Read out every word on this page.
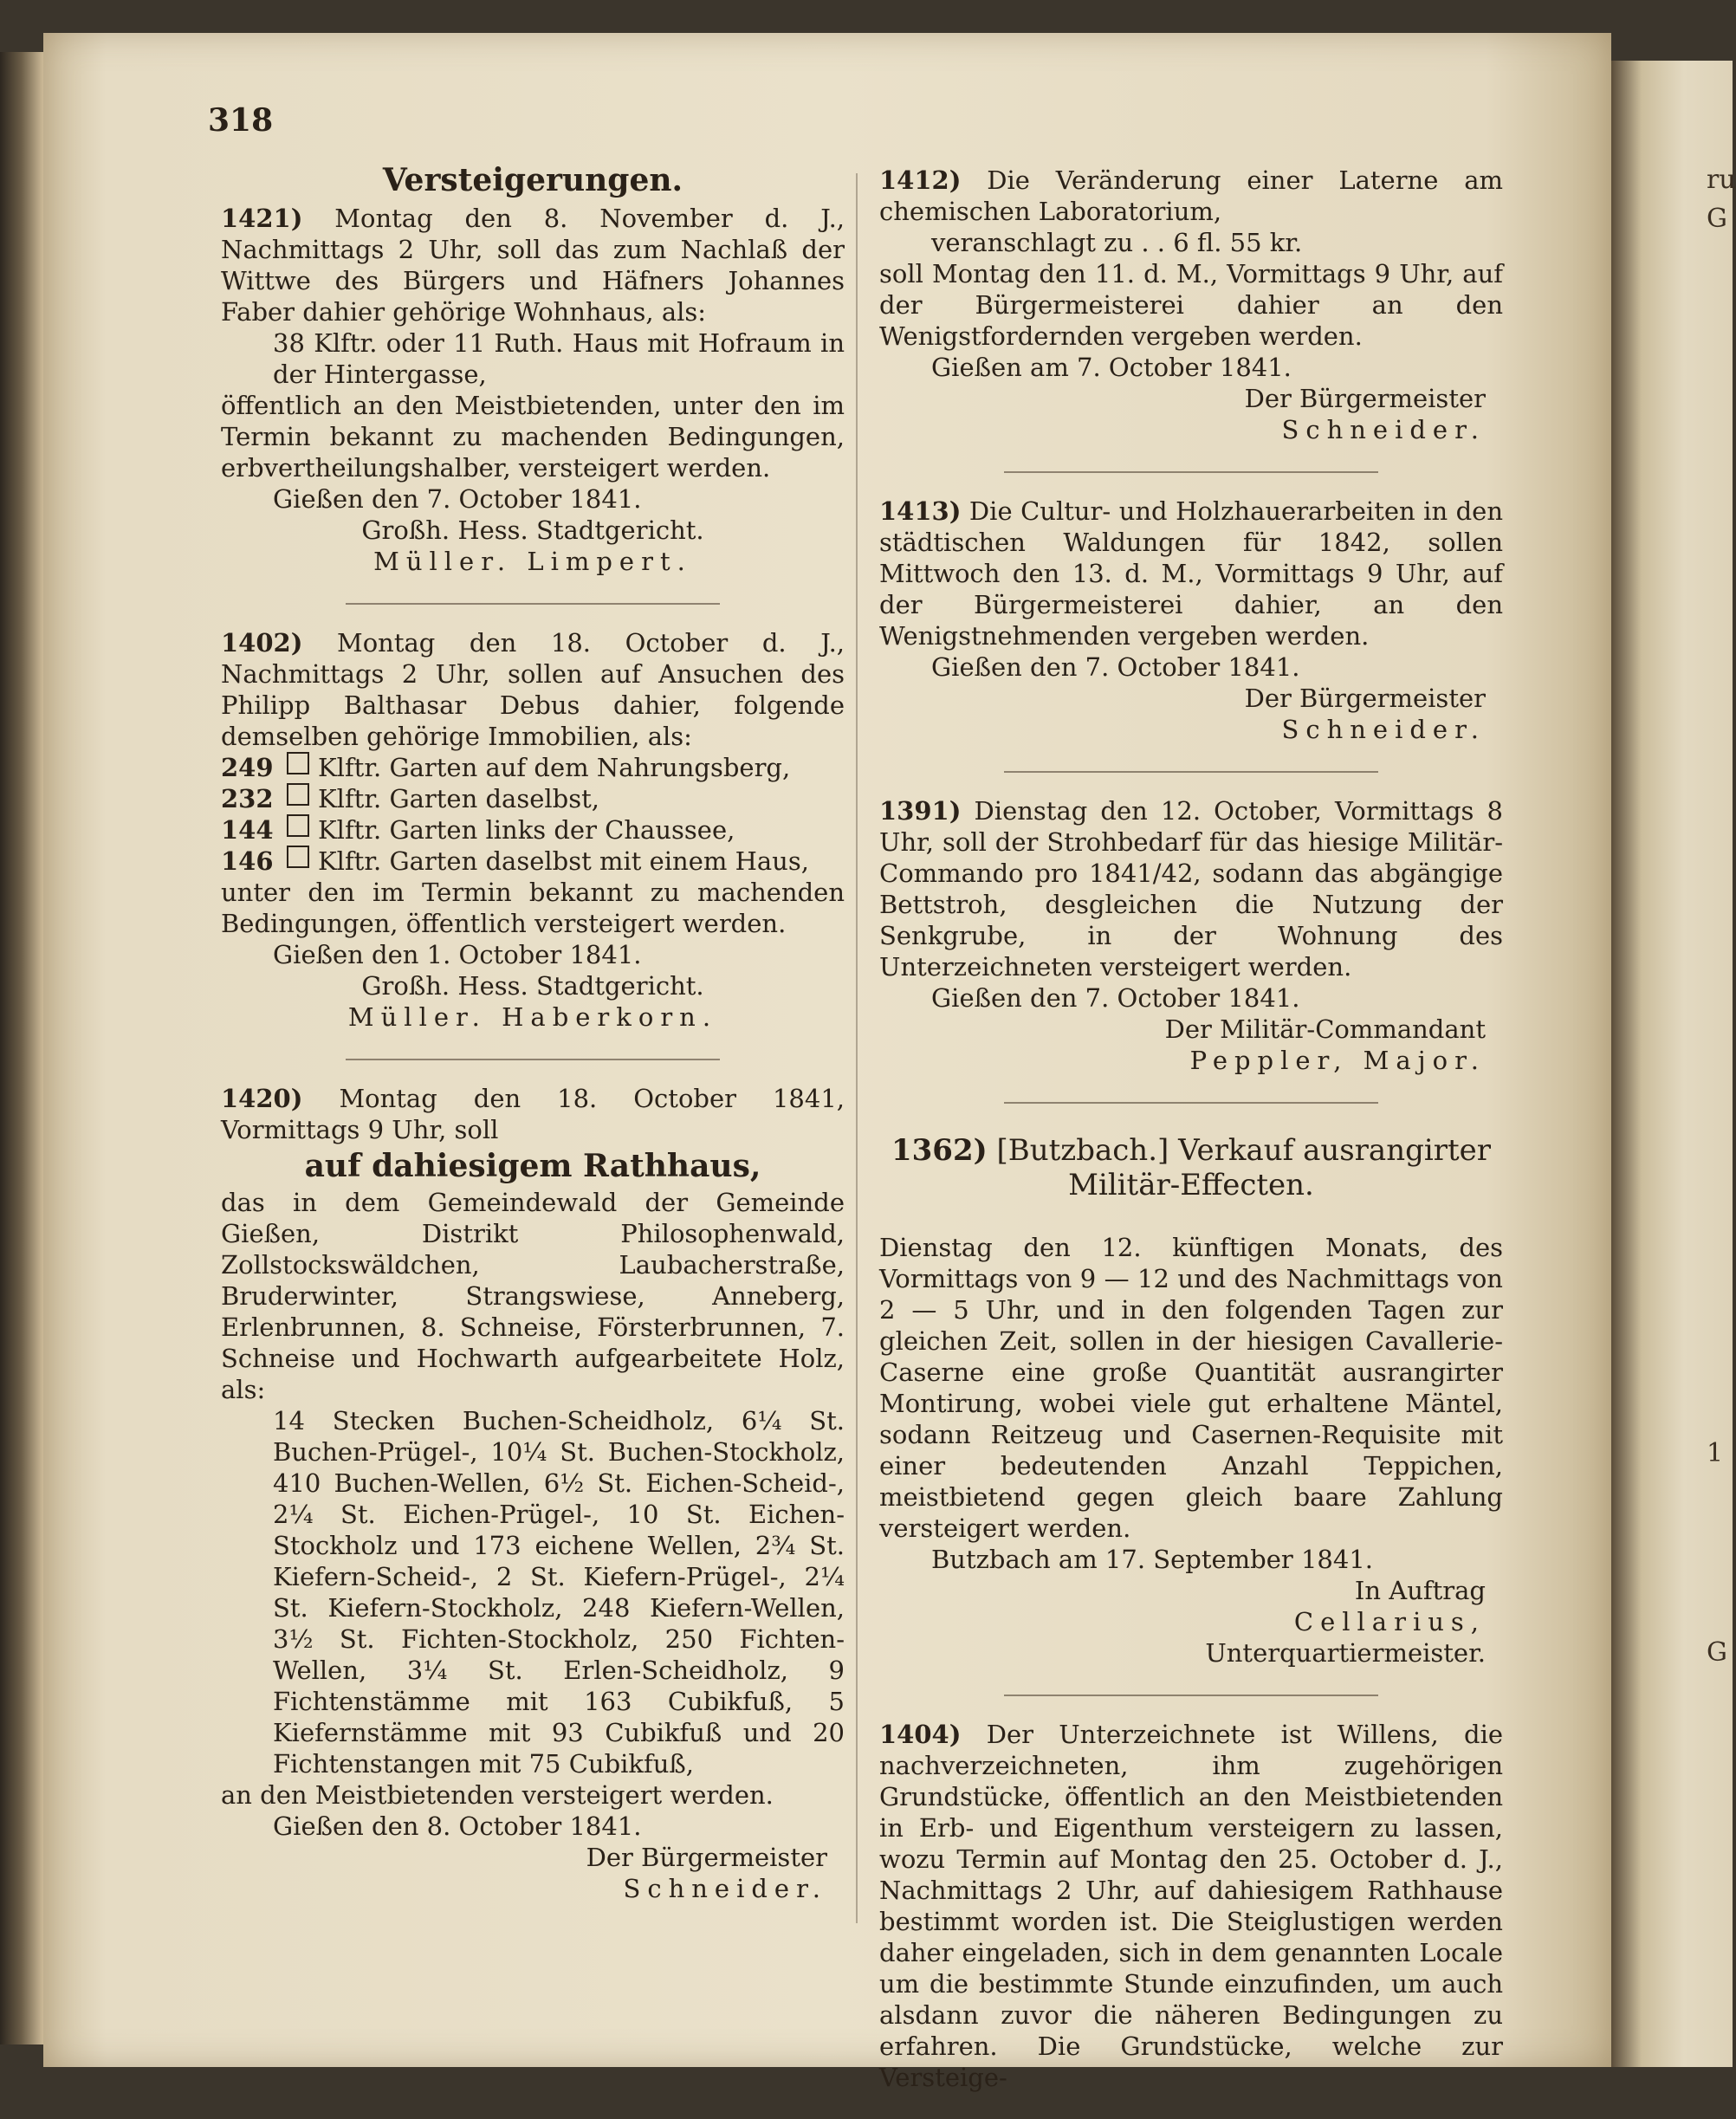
ru
G
1
G
318
Versteigerungen.

1421) Montag den 8. November d. J., Nachmittags 2 Uhr, soll das zum Nachlaß der Wittwe des Bürgers und Häfners Johannes Faber dahier gehörige Wohnhaus, als:

38 Klftr. oder 11 Ruth. Haus mit Hofraum in der Hintergasse,

öffentlich an den Meistbietenden, unter den im Termin bekannt zu machenden Bedingungen, erbvertheilungshalber, versteigert werden.

Gießen den 7. October 1841.

Großh. Hess. Stadtgericht.

Müller. Limpert.

1402) Montag den 18. October d. J., Nachmittags 2 Uhr, sollen auf Ansuchen des Philipp Balthasar Debus dahier, folgende demselben gehörige Immobilien, als:

249	Klftr. Garten auf dem Nahrungsberg,
232	Klftr. Garten daselbst,
144	Klftr. Garten links der Chaussee,
146	Klftr. Garten daselbst mit einem Haus,

unter den im Termin bekannt zu machenden Bedingungen, öffentlich versteigert werden.

Gießen den 1. October 1841.

Großh. Hess. Stadtgericht.

Müller. Haberkorn.

1420) Montag den 18. October 1841, Vormittags 9 Uhr, soll

auf dahiesigem Rathhaus,

das in dem Gemeindewald der Gemeinde Gießen, Distrikt Philosophenwald, Zollstockswäldchen, Laubacherstraße, Bruderwinter, Strangswiese, Anneberg, Erlenbrunnen, 8. Schneise, Försterbrunnen, 7. Schneise und Hochwarth aufgearbeitete Holz, als:

14 Stecken Buchen-Scheidholz, 6¼ St. Buchen-Prügel-, 10¼ St. Buchen-Stockholz, 410 Buchen-Wellen, 6½ St. Eichen-Scheid-, 2¼ St. Eichen-Prügel-, 10 St. Eichen-Stockholz und 173 eichene Wellen, 2¾ St. Kiefern-Scheid-, 2 St. Kiefern-Prügel-, 2¼ St. Kiefern-Stockholz, 248 Kiefern-Wellen, 3½ St. Fichten-Stockholz, 250 Fichten-Wellen, 3¼ St. Erlen-Scheidholz, 9 Fichtenstämme mit 163 Cubikfuß, 5 Kiefernstämme mit 93 Cubikfuß und 20 Fichtenstangen mit 75 Cubikfuß,

an den Meistbietenden versteigert werden.

Gießen den 8. October 1841.

Der Bürgermeister

Schneider.

1412) Die Veränderung einer Laterne am chemischen Laboratorium,

veranschlagt zu . . 6 fl. 55 kr.

soll Montag den 11. d. M., Vormittags 9 Uhr, auf der Bürgermeisterei dahier an den Wenigstfordernden vergeben werden.

Gießen am 7. October 1841.

Der Bürgermeister

Schneider.

1413) Die Cultur- und Holzhauerarbeiten in den städtischen Waldungen für 1842, sollen Mittwoch den 13. d. M., Vormittags 9 Uhr, auf der Bürgermeisterei dahier, an den Wenigstnehmenden vergeben werden.

Gießen den 7. October 1841.

Der Bürgermeister

Schneider.

1391) Dienstag den 12. October, Vormittags 8 Uhr, soll der Strohbedarf für das hiesige Militär-Commando pro 1841/42, sodann das abgängige Bettstroh, desgleichen die Nutzung der Senkgrube, in der Wohnung des Unterzeichneten versteigert werden.

Gießen den 7. October 1841.

Der Militär-Commandant

Peppler, Major.

1362) [Butzbach.] Verkauf ausrangirter Militär-Effecten.

Dienstag den 12. künftigen Monats, des Vormittags von 9 — 12 und des Nachmittags von 2 — 5 Uhr, und in den folgenden Tagen zur gleichen Zeit, sollen in der hiesigen Cavallerie-Caserne eine große Quantität ausrangirter Montirung, wobei viele gut erhaltene Mäntel, sodann Reitzeug und Casernen-Requisite mit einer bedeutenden Anzahl Teppichen, meistbietend gegen gleich baare Zahlung versteigert werden.

Butzbach am 17. September 1841.

In Auftrag

Cellarius,

Unterquartiermeister.

1404) Der Unterzeichnete ist Willens, die nachverzeichneten, ihm zugehörigen Grundstücke, öffentlich an den Meistbietenden in Erb- und Eigenthum versteigern zu lassen, wozu Termin auf Montag den 25. October d. J., Nachmittags 2 Uhr, auf dahiesigem Rathhause bestimmt worden ist. Die Steiglustigen werden daher eingeladen, sich in dem genannten Locale um die bestimmte Stunde einzufinden, um auch alsdann zuvor die näheren Bedingungen zu erfahren. Die Grundstücke, welche zur Versteige-
